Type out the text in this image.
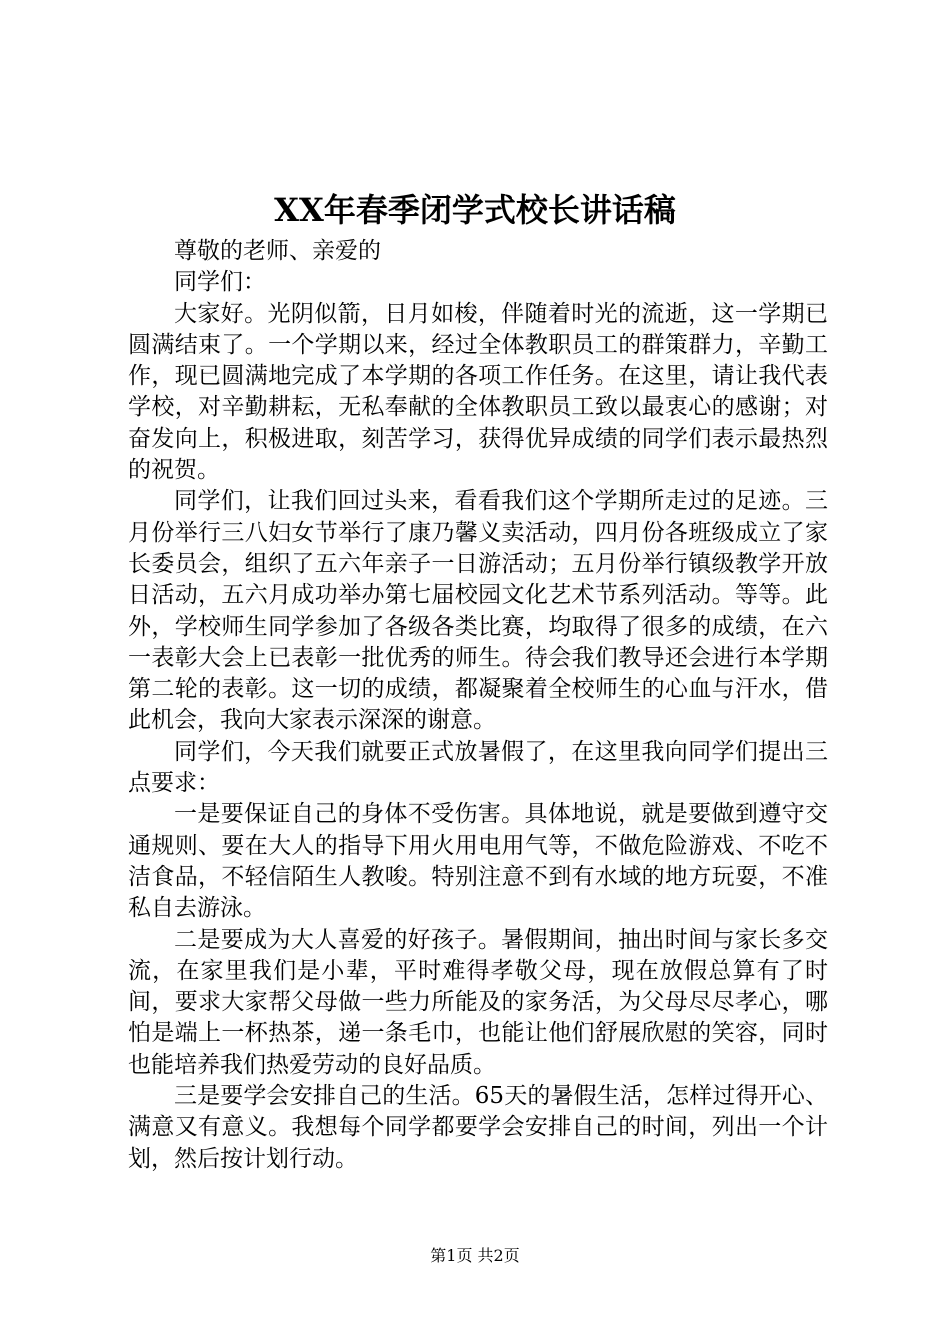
XX年春季闭学式校长讲话稿

尊敬的老师、亲爱的

同学们：

大家好。光阴似箭，日月如梭，伴随着时光的流逝，这一学期已圆满结束了。一个学期以来，经过全体教职员工的群策群力，辛勤工作，现已圆满地完成了本学期的各项工作任务。在这里，请让我代表学校，对辛勤耕耘，无私奉献的全体教职员工致以最衷心的感谢；对奋发向上，积极进取，刻苦学习，获得优异成绩的同学们表示最热烈的祝贺。

同学们，让我们回过头来，看看我们这个学期所走过的足迹。三月份举行三八妇女节举行了康乃馨义卖活动，四月份各班级成立了家长委员会，组织了五六年亲子一日游活动；五月份举行镇级教学开放日活动，五六月成功举办第七届校园文化艺术节系列活动。等等。此外，学校师生同学参加了各级各类比赛，均取得了很多的成绩，在六一表彰大会上已表彰一批优秀的师生。待会我们教导还会进行本学期第二轮的表彰。这一切的成绩，都凝聚着全校师生的心血与汗水，借此机会，我向大家表示深深的谢意。

同学们，今天我们就要正式放暑假了，在这里我向同学们提出三点要求：

一是要保证自己的身体不受伤害。具体地说，就是要做到遵守交通规则、要在大人的指导下用火用电用气等，不做危险游戏、不吃不洁食品，不轻信陌生人教唆。特别注意不到有水域的地方玩耍，不准私自去游泳。

二是要成为大人喜爱的好孩子。暑假期间，抽出时间与家长多交流，在家里我们是小辈，平时难得孝敬父母，现在放假总算有了时间，要求大家帮父母做一些力所能及的家务活，为父母尽尽孝心，哪怕是端上一杯热茶，递一条毛巾，也能让他们舒展欣慰的笑容，同时也能培养我们热爱劳动的良好品质。

三是要学会安排自己的生活。65天的暑假生活，怎样过得开心、满意又有意义。我想每个同学都要学会安排自己的时间，列出一个计划，然后按计划行动。

第1页 共2页
